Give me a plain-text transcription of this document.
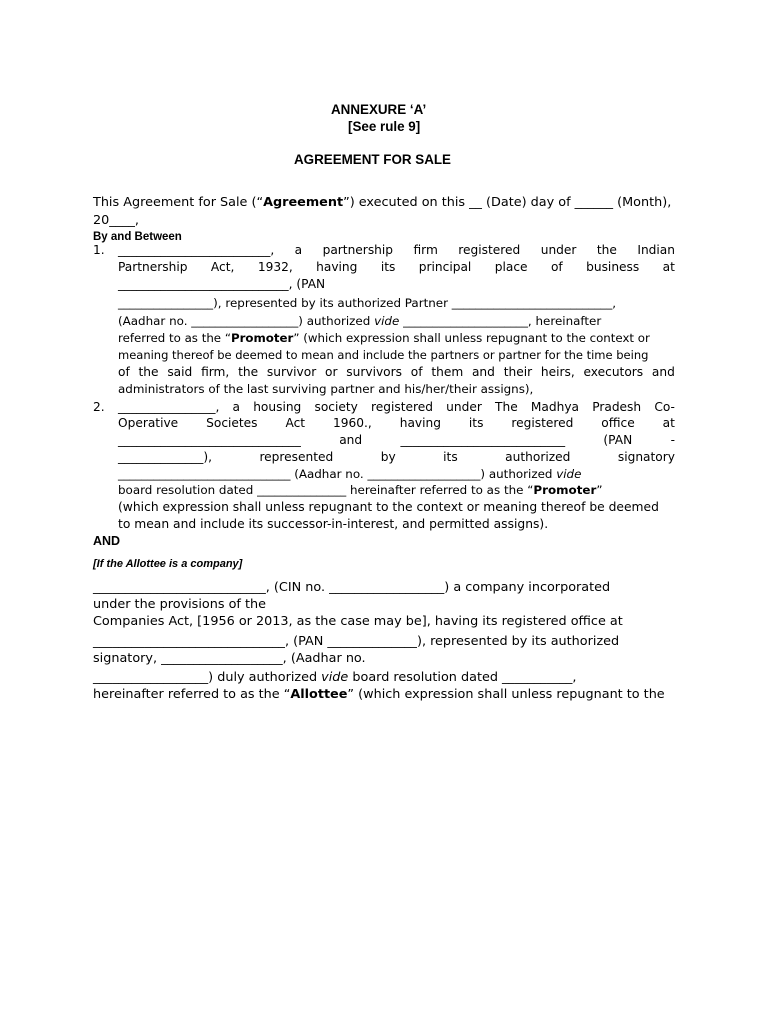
ANNEXURE ‘A’
[See rule 9]
AGREEMENT FOR SALE
This Agreement for Sale (“Agreement”) executed on this __ (Date) day of ______ (Month),
20____,
By and Between
1. _________________________, a partnership firm registered under the Indian
Partnership Act, 1932, having its principal place of business at
____________________________, (PAN
________________), represented by its authorized Partner ___________________________,
(Aadhar no. __________________) authorized vide _____________________, hereinafter
referred to as the “Promoter” (which expression shall unless repugnant to the context or
meaning thereof be deemed to mean and include the partners or partner for the time being
of the said firm, the survivor or survivors of them and their heirs, executors and
administrators of the last surviving partner and his/her/their assigns),
2. ________________, a housing society registered under The Madhya Pradesh Co-
Operative Societes Act 1960., having its registered office at
______________________________	and	___________________________	(PAN	-
______________),	represented	by	its	authorized	signatory
_____________________________ (Aadhar no. ___________________) authorized vide
board resolution dated _______________ hereinafter referred to as the “Promoter”
(which expression shall unless repugnant to the context or meaning thereof be deemed
to mean and include its successor-in-interest, and permitted assigns).
AND
[If the Allottee is a company]
___________________________, (CIN no. __________________) a company incorporated
under the provisions of the
Companies Act, [1956 or 2013, as the case may be], having its registered office at
______________________________, (PAN ______________), represented by its authorized
signatory, ___________________, (Aadhar no.
__________________) duly authorized vide board resolution dated ___________,
hereinafter referred to as the “Allottee” (which expression shall unless repugnant to the
